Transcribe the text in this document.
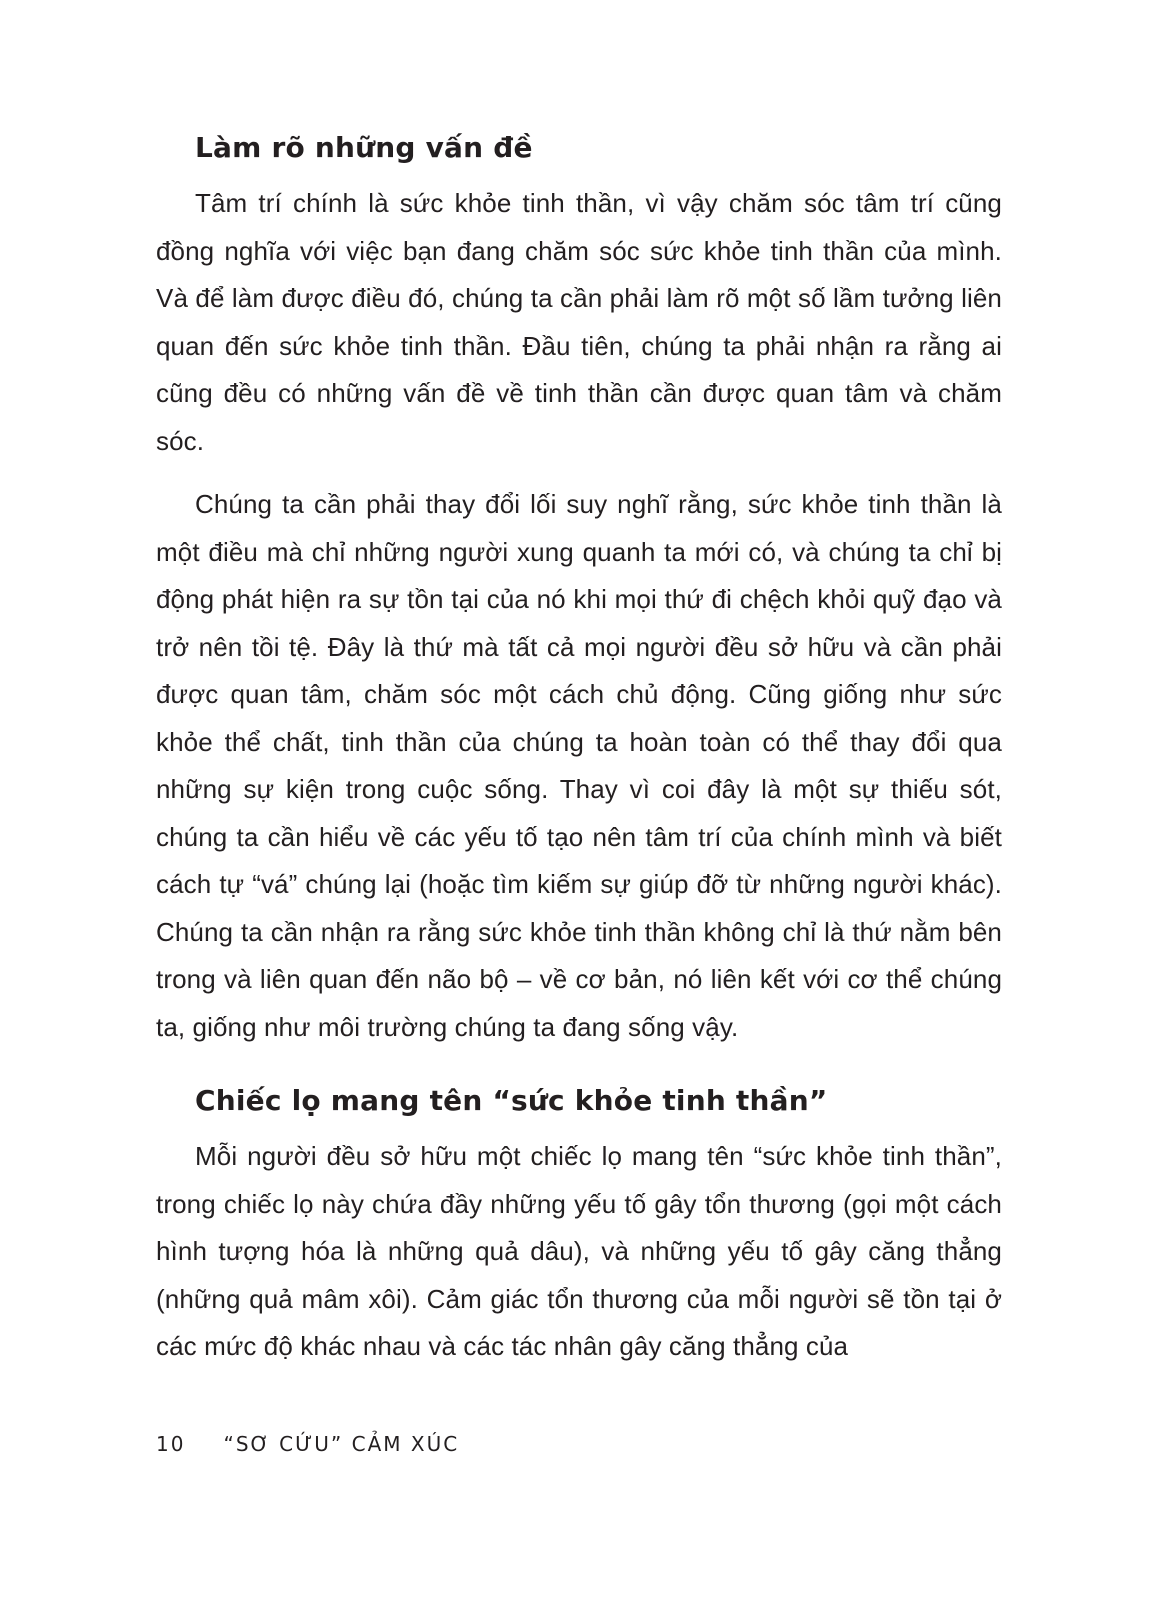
Làm rõ những vấn đề

Tâm trí chính là sức khỏe tinh thần, vì vậy chăm sóc tâm trí cũng đồng nghĩa với việc bạn đang chăm sóc sức khỏe tinh thần của mình. Và để làm được điều đó, chúng ta cần phải làm rõ một số lầm tưởng liên quan đến sức khỏe tinh thần. Đầu tiên, chúng ta phải nhận ra rằng ai cũng đều có những vấn đề về tinh thần cần được quan tâm và chăm sóc.

Chúng ta cần phải thay đổi lối suy nghĩ rằng, sức khỏe tinh thần là một điều mà chỉ những người xung quanh ta mới có, và chúng ta chỉ bị động phát hiện ra sự tồn tại của nó khi mọi thứ đi chệch khỏi quỹ đạo và trở nên tồi tệ. Đây là thứ mà tất cả mọi người đều sở hữu và cần phải được quan tâm, chăm sóc một cách chủ động. Cũng giống như sức khỏe thể chất, tinh thần của chúng ta hoàn toàn có thể thay đổi qua những sự kiện trong cuộc sống. Thay vì coi đây là một sự thiếu sót, chúng ta cần hiểu về các yếu tố tạo nên tâm trí của chính mình và biết cách tự “vá” chúng lại (hoặc tìm kiếm sự giúp đỡ từ những người khác). Chúng ta cần nhận ra rằng sức khỏe tinh thần không chỉ là thứ nằm bên trong và liên quan đến não bộ – về cơ bản, nó liên kết với cơ thể chúng ta, giống như môi trường chúng ta đang sống vậy.

Chiếc lọ mang tên “sức khỏe tinh thần”

Mỗi người đều sở hữu một chiếc lọ mang tên “sức khỏe tinh thần”, trong chiếc lọ này chứa đầy những yếu tố gây tổn thương (gọi một cách hình tượng hóa là những quả dâu), và những yếu tố gây căng thẳng (những quả mâm xôi). Cảm giác tổn thương của mỗi người sẽ tồn tại ở các mức độ khác nhau và các tác nhân gây căng thẳng của

10 “SƠ CỨU” CẢM XÚC
